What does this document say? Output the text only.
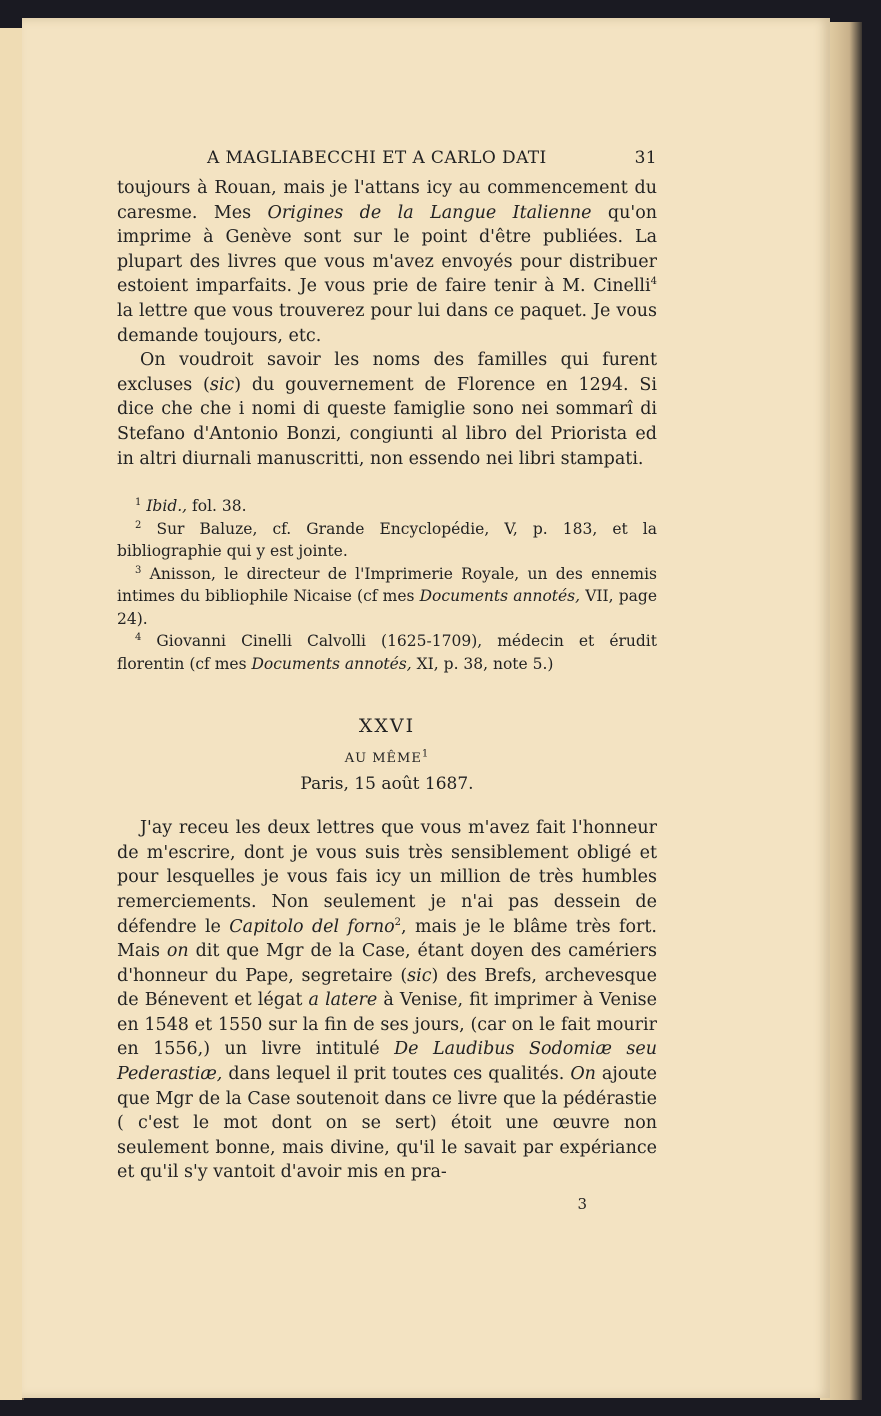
A MAGLIABECCHI ET A CARLO DATI	31

toujours à Rouan, mais je l'attans icy au commencement du caresme. Mes Origines de la Langue Italienne qu'on imprime à Genève sont sur le point d'être publiées. La plupart des livres que vous m'avez envoyés pour distribuer estoient imparfaits. Je vous prie de faire tenir à M. Cinelli$^4$ la lettre que vous trouverez pour lui dans ce paquet. Je vous demande toujours, etc.

On voudroit savoir les noms des familles qui furent excluses (sic) du gouvernement de Florence en 1294. Si dice che che i nomi di queste famiglie sono nei sommarî di Stefano d'Antonio Bonzi, congiunti al libro del Priorista ed in altri diurnali manuscritti, non essendo nei libri stampati.

$^1$ Ibid., fol. 38.

$^2$ Sur Baluze, cf. Grande Encyclopédie, V, p. 183, et la bibliographie qui y est jointe.

$^3$ Anisson, le directeur de l'Imprimerie Royale, un des ennemis intimes du bibliophile Nicaise (cf mes Documents annotés, VII, page 24).

$^4$ Giovanni Cinelli Calvolli (1625-1709), médecin et érudit florentin (cf mes Documents annotés, XI, p. 38, note 5.)

XXVI
AU MÊME$^1$
Paris, 15 août 1687.

J'ay receu les deux lettres que vous m'avez fait l'honneur de m'escrire, dont je vous suis très sensiblement obligé et pour lesquelles je vous fais icy un million de très humbles remerciements. Non seulement je n'ai pas dessein de défendre le Capitolo del forno$^2$, mais je le blâme très fort. Mais on dit que Mgr de la Case, étant doyen des camériers d'honneur du Pape, segretaire (sic) des Brefs, archevesque de Bénevent et légat a latere à Venise, fit imprimer à Venise en 1548 et 1550 sur la fin de ses jours, (car on le fait mourir en 1556,) un livre intitulé De Laudibus Sodomiæ seu Pederastiæ, dans lequel il prit toutes ces qualités. On ajoute que Mgr de la Case soutenoit dans ce livre que la pédérastie ( c'est le mot dont on se sert) étoit une œuvre non seulement bonne, mais divine, qu'il le savait par expériance et qu'il s'y vantoit d'avoir mis en pra-

3
